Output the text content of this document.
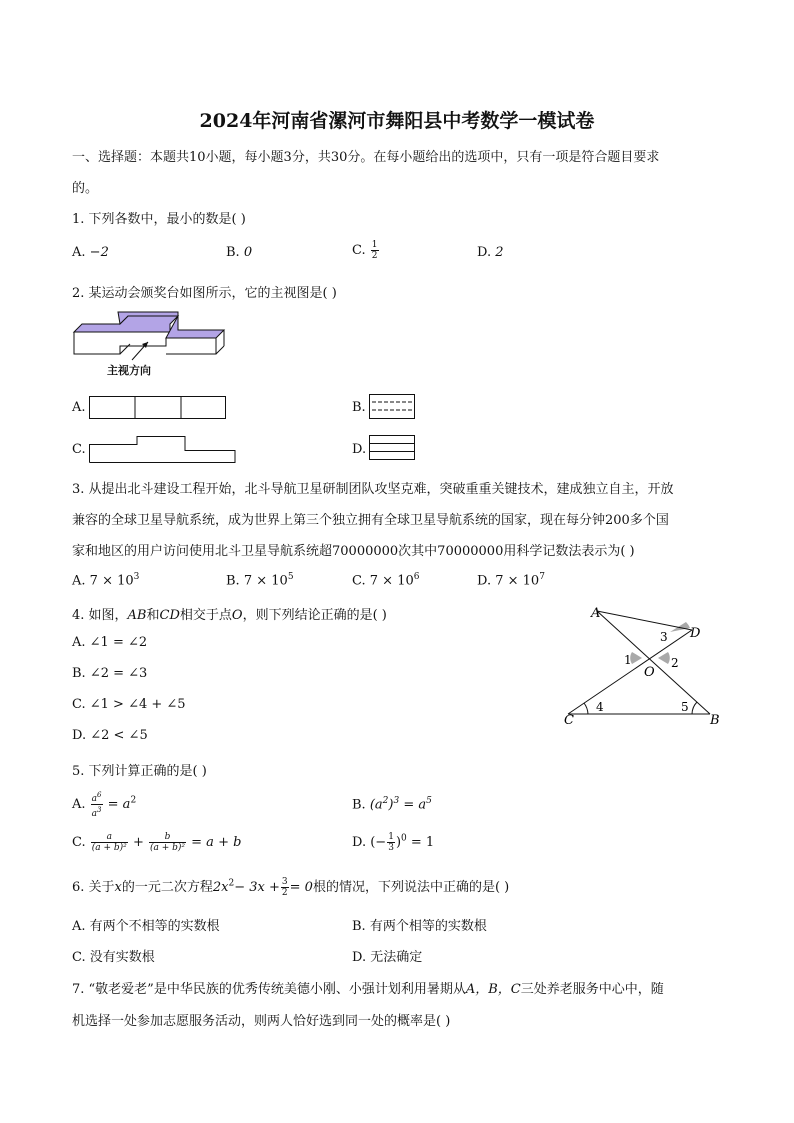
2024年河南省漯河市舞阳县中考数学一模试卷
一、选择题：本题共10小题，每小题3分，共30分。在每小题给出的选项中，只有一项是符合题目要求
的。
1. 下列各数中，最小的数是( )
A. −2	B. 0	C. $\frac{1}{2}$	D. 2
2. 某运动会颁奖台如图所示，它的主视图是( )
主视方向
A.	B.
C.	D.
3. 从提出北斗建设工程开始，北斗导航卫星研制团队攻坚克难，突破重重关键技术，建成独立自主，开放
兼容的全球卫星导航系统，成为世界上第三个独立拥有全球卫星导航系统的国家，现在每分钟200多个国
家和地区的用户访问使用北斗卫星导航系统超70000000次其中70000000用科学记数法表示为( )
A. $7 \times 10^3$	B. $7 \times 10^5$	C. $7 \times 10^6$	D. $7 \times 10^7$
4. 如图，AB和CD相交于点O，则下列结论正确的是( )
A. ∠1 = ∠2
B. ∠2 = ∠3
C. ∠1 > ∠4 + ∠5
D. ∠2 < ∠5
A
B
C
D
O
1	2
3
4	5
5. 下列计算正确的是( )
A. $\frac{a^6}{a^3} = a^2$	B. $(a^2)^3 = a^5$
C. $\frac{a}{\text{(a + b)²}} + \frac{b}{\text{(a + b)²}} = a + b$	D. (− $\frac{1}{3} )^0 = 1$
6. 关于x的一元二次方程$2x^2- 3x + \frac{3}{2} = 0$根的情况，下列说法中正确的是( )
A. 有两个不相等的实数根	B. 有两个相等的实数根
C. 没有实数根	D. 无法确定
7. “敬老爱老”是中华民族的优秀传统美德小刚、小强计划利用暑期从A，B，C三处养老服务中心中，随
机选择一处参加志愿服务活动，则两人恰好选到同一处的概率是( )
